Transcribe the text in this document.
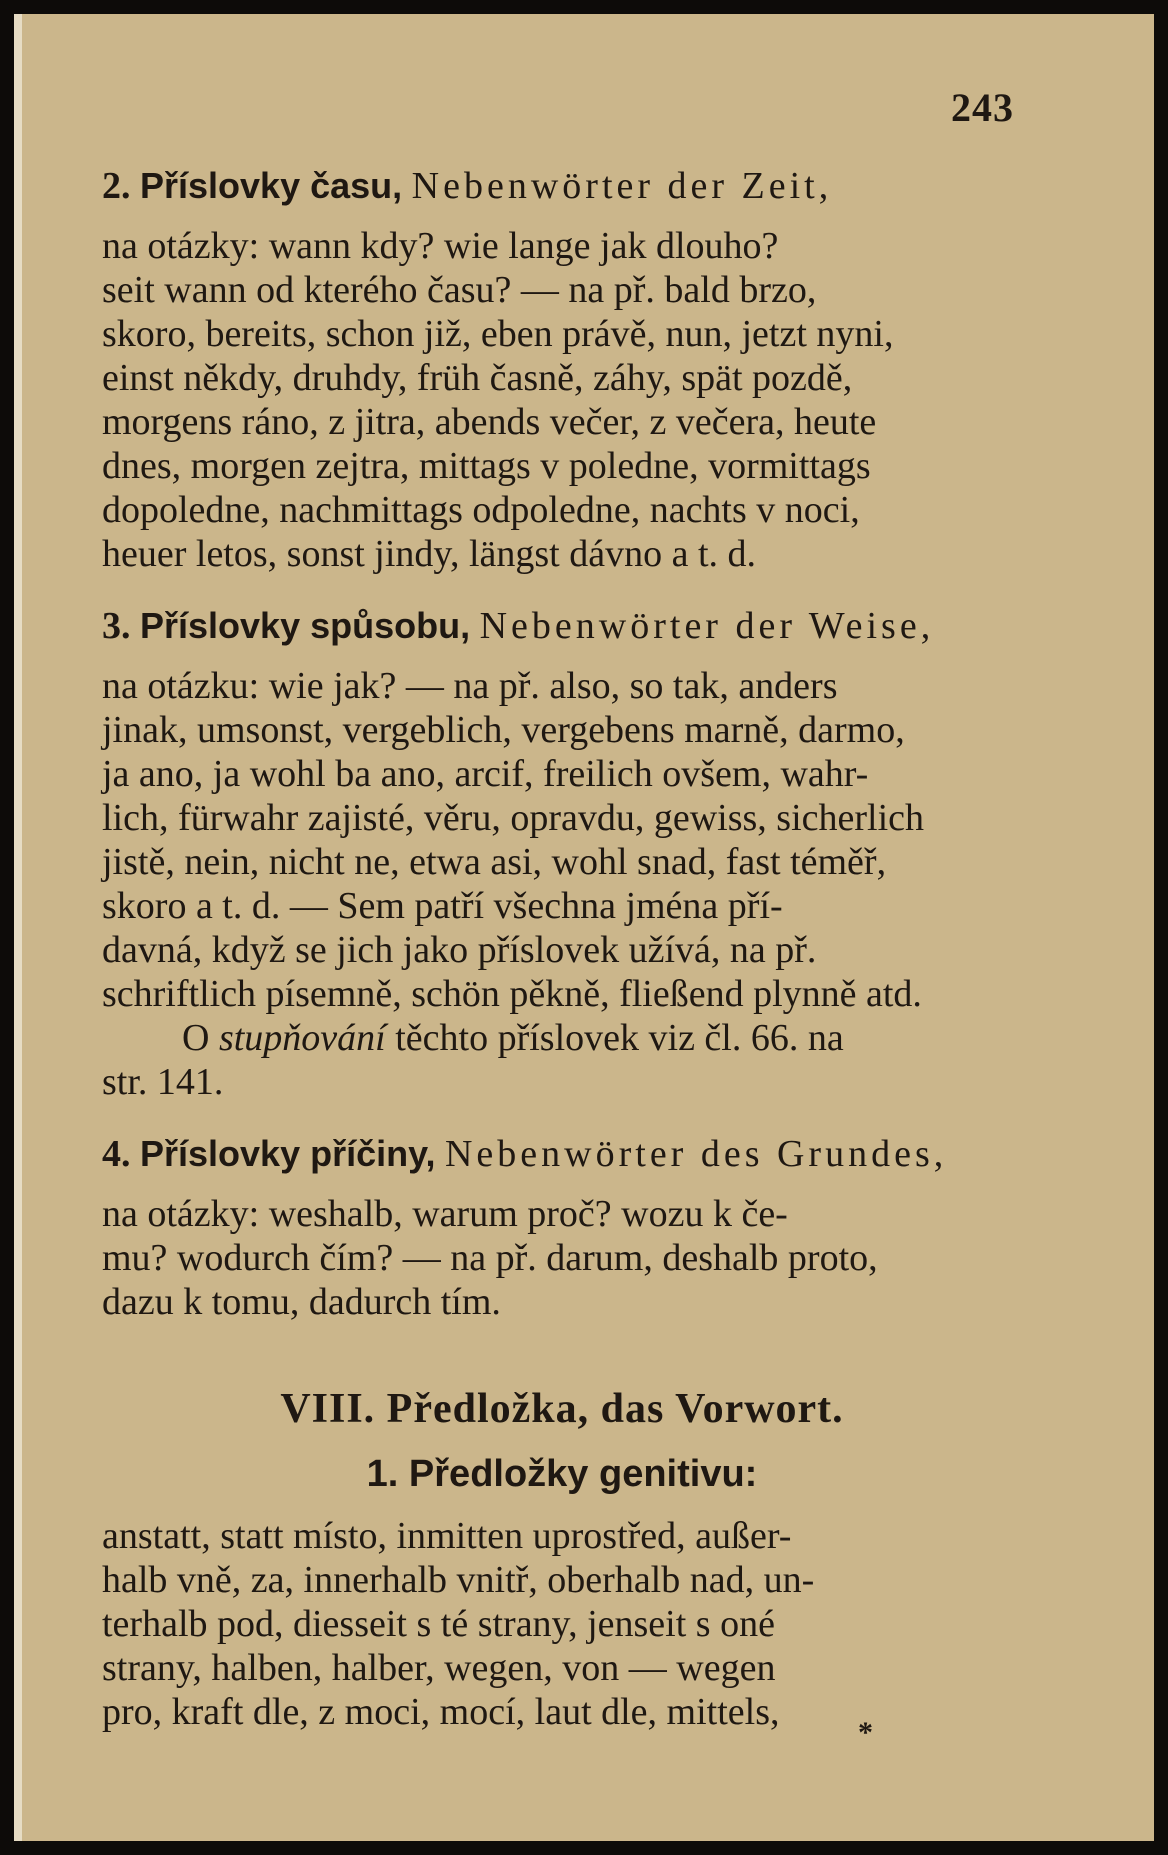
243
2. Příslovky času, Nebenwörter der Zeit,

na otázky: wann kdy? wie lange jak dlouho?
seit wann od kterého času? — na př. bald brzo,
skoro, bereits, schon již, eben právě, nun, jetzt nyni,
einst někdy, druhdy, früh časně, záhy, spät pozdě,
morgens ráno, z jitra, abends večer, z večera, heute
dnes, morgen zejtra, mittags v poledne, vormittags
dopoledne, nachmittags odpoledne, nachts v noci,
heuer letos, sonst jindy, längst dávno a t. d.

3. Příslovky spůsobu, Nebenwörter der Weise,

na otázku: wie jak? — na př. also, so tak, anders
jinak, umsonst, vergeblich, vergebens marně, darmo,
ja ano, ja wohl ba ano, arcif, freilich ovšem, wahr-
lich, fürwahr zajisté, věru, opravdu, gewiss, sicherlich
jistě, nein, nicht ne, etwa asi, wohl snad, fast téměř,
skoro a t. d. — Sem patří všechna jména pří-
davná, když se jich jako příslovek užívá, na př.
schriftlich písemně, schön pěkně, fließend plynně atd.
O stupňování těchto příslovek viz čl. 66. na
str. 141.

4. Příslovky příčiny, Nebenwörter des Grundes,

na otázky: weshalb, warum proč? wozu k če-
mu? wodurch čím? — na př. darum, deshalb proto,
dazu k tomu, dadurch tím.

VIII. Předložka, das Vorwort.
1. Předložky genitivu:

anstatt, statt místo, inmitten uprostřed, außer-
halb vně, za, innerhalb vnitř, oberhalb nad, un-
terhalb pod, diesseit s té strany, jenseit s oné
strany, halben, halber, wegen, von — wegen
pro, kraft dle, z moci, mocí, laut dle, mittels,	*
